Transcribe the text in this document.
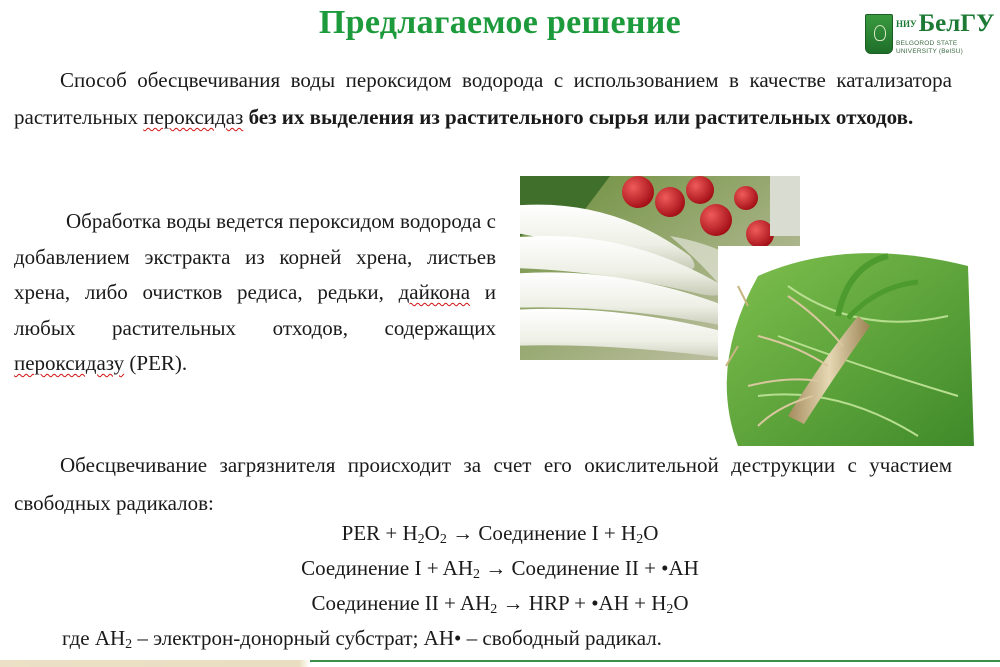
Предлагаемое решение	$^{НИУ}$БелГУ
BELGOROD STATE
UNIVERSITY (BelSU)
Способ обесцвечивания воды пероксидом водорода с использованием в качестве катализатора растительных пероксидаз без их выделения из растительного сырья или растительных отходов.
Обработка воды ведется пероксидом водорода с добавлением экстракта из корней хрена, листьев хрена, либо очистков редиса, редьки, дайкона и любых растительных отходов, содержащих пероксидазу (PER).
Обесцвечивание загрязнителя происходит за счет его окислительной деструкции с участием свободных радикалов:
PER + $H_2O_2$ → Соединение $I + H_2O$
Соединение $I + AH_2$ → Соединение II + •AH
Соединение II + $AH_2$ → HRP + •AH + $H_2O$
где $AH_2$ – электрон-донорный субстрат; AH• – свободный радикал.
